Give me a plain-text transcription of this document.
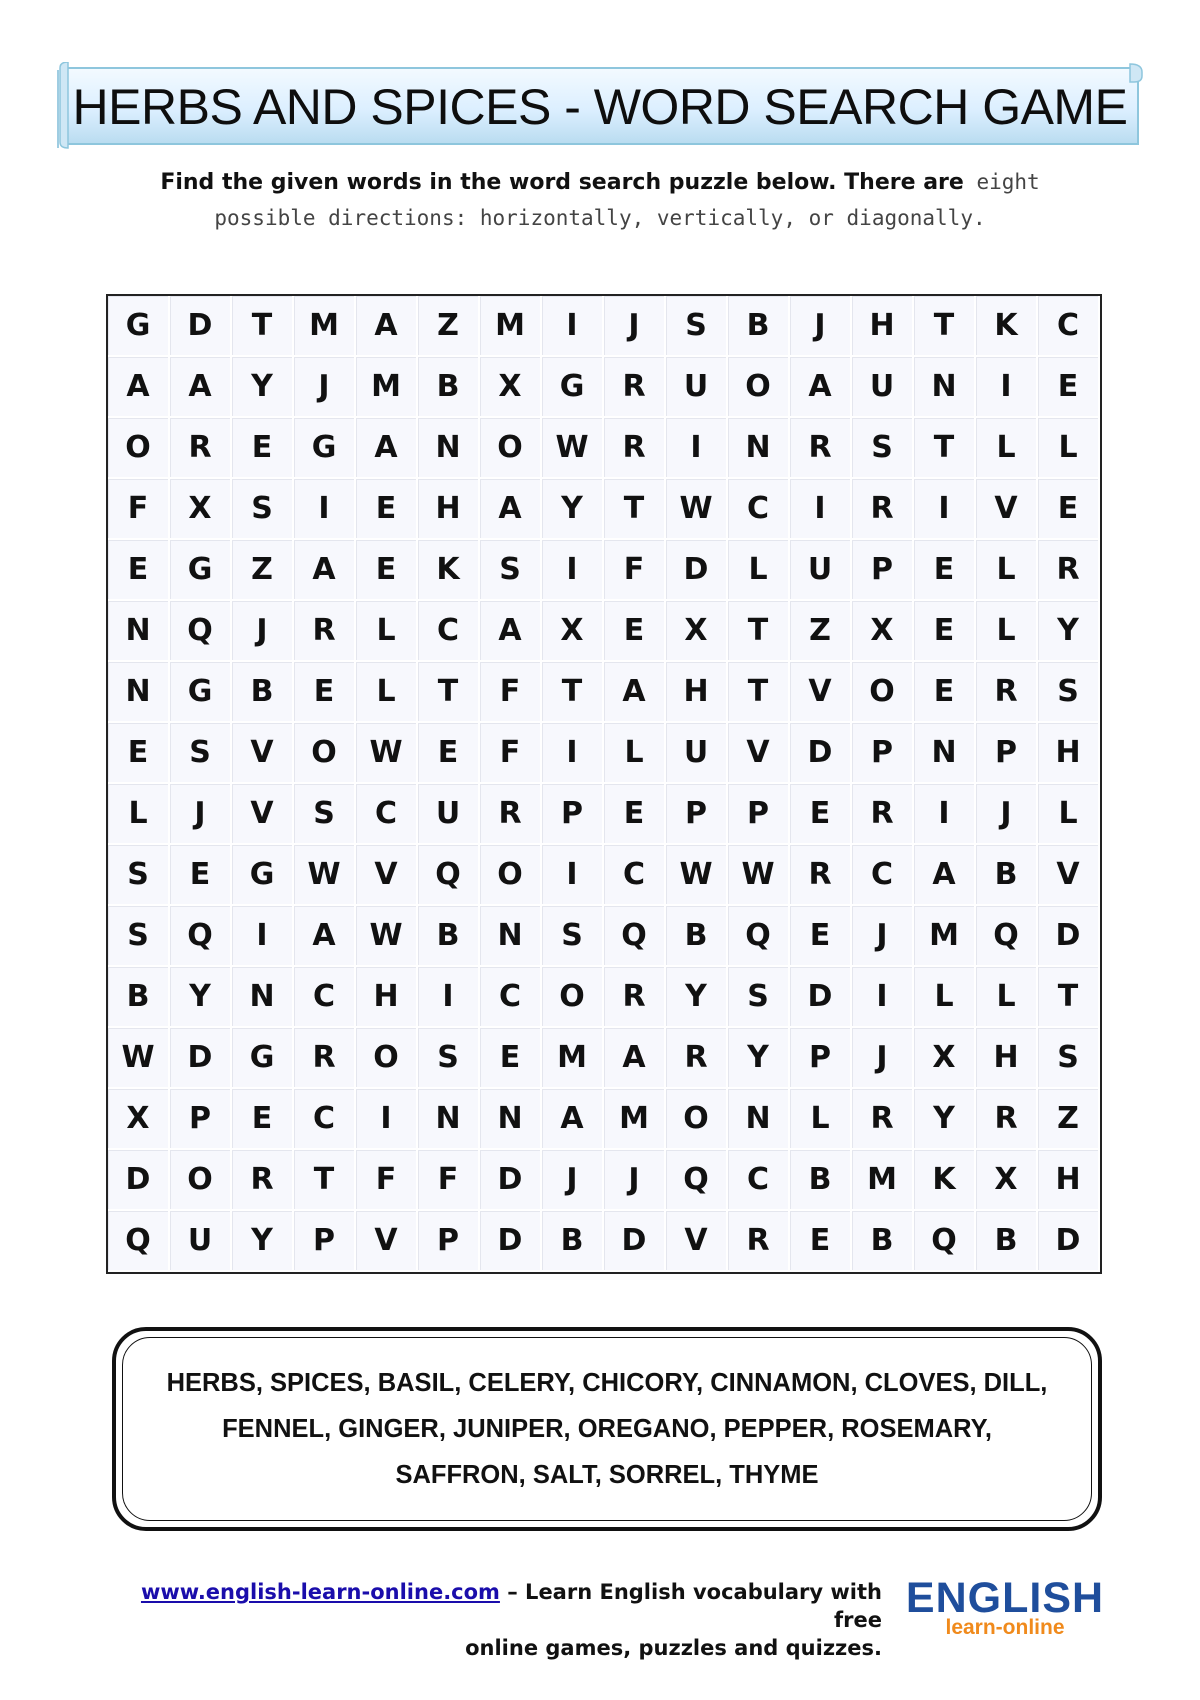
HERBS AND SPICES - WORD SEARCH GAME
Find the given words in the word search puzzle below. There are eight
possible directions: horizontally, vertically, or diagonally.
G	D	T	M	A	Z	M	I	J	S	B	J	H	T	K	C
A	A	Y	J	M	B	X	G	R	U	O	A	U	N	I	E
O	R	E	G	A	N	O	W	R	I	N	R	S	T	L	L
F	X	S	I	E	H	A	Y	T	W	C	I	R	I	V	E
E	G	Z	A	E	K	S	I	F	D	L	U	P	E	L	R
N	Q	J	R	L	C	A	X	E	X	T	Z	X	E	L	Y
N	G	B	E	L	T	F	T	A	H	T	V	O	E	R	S
E	S	V	O	W	E	F	I	L	U	V	D	P	N	P	H
L	J	V	S	C	U	R	P	E	P	P	E	R	I	J	L
S	E	G	W	V	Q	O	I	C	W W	R	C	A	B	V
S	Q	I	A	W	B	N	S	Q	B	Q	E	J	M	Q	D
B	Y	N	C	H	I	C	O	R	Y	S	D	I	L	L	T
W	D	G	R	O	S	E	M	A	R	Y	P	J	X	H	S
X	P	E	C	I	N	N	A	M	O	N	L	R	Y	R	Z
D	O	R	T	F	F	D	J	J	Q	C	B	M	K	X	H
Q	U	Y	P	V	P	D	B	D	V	R	E	B	Q	B	D
HERBS, SPICES, BASIL, CELERY, CHICORY, CINNAMON, CLOVES, DILL,
FENNEL, GINGER, JUNIPER, OREGANO, PEPPER, ROSEMARY,
SAFFRON, SALT, SORREL, THYME
www.english-learn-online.com – Learn English vocabulary with free
online games, puzzles and quizzes.
ENGLISH
learn-online
